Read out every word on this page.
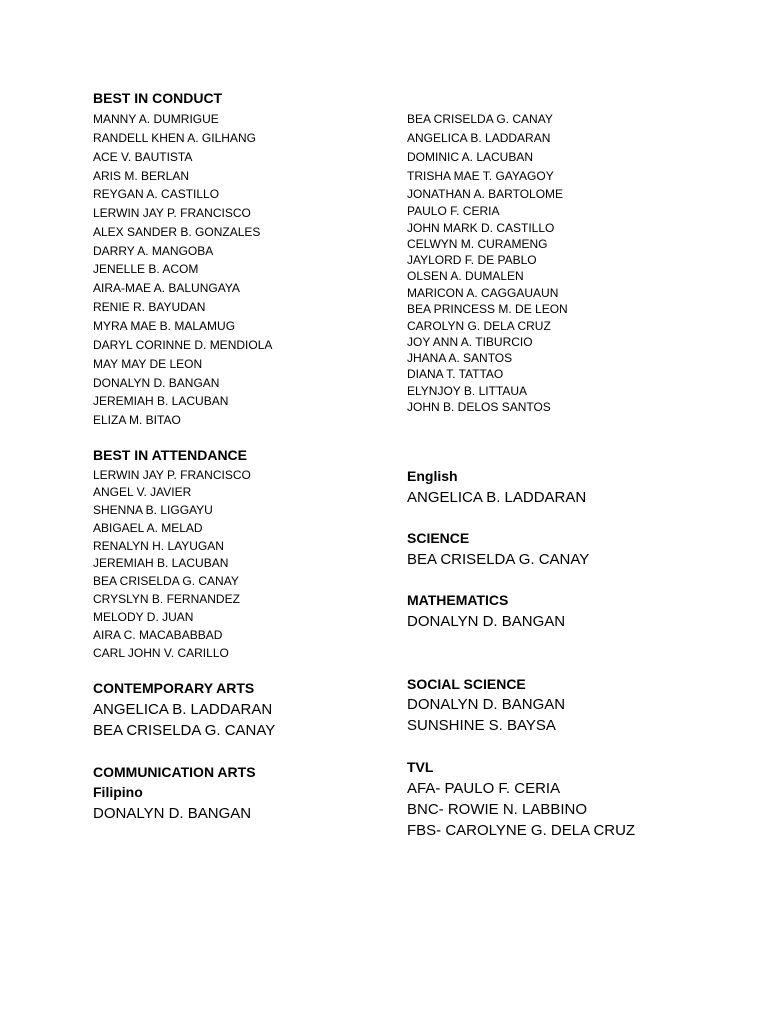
BEST IN CONDUCT
MANNY A. DUMRIGUE
RANDELL KHEN A. GILHANG
ACE V. BAUTISTA
ARIS M. BERLAN
REYGAN A. CASTILLO
LERWIN JAY P. FRANCISCO
ALEX SANDER B. GONZALES
DARRY A. MANGOBA
JENELLE B. ACOM
AIRA-MAE A. BALUNGAYA
RENIE R. BAYUDAN
MYRA MAE B. MALAMUG
DARYL CORINNE D. MENDIOLA
MAY MAY DE LEON
DONALYN D. BANGAN
JEREMIAH B. LACUBAN
ELIZA M. BITAO
BEST IN ATTENDANCE
LERWIN JAY P. FRANCISCO
ANGEL V. JAVIER
SHENNA B. LIGGAYU
ABIGAEL A. MELAD
RENALYN H. LAYUGAN
JEREMIAH B. LACUBAN
BEA CRISELDA G. CANAY
CRYSLYN B. FERNANDEZ
MELODY D. JUAN
AIRA C. MACABABBAD
CARL JOHN V. CARILLO
CONTEMPORARY ARTS
ANGELICA B. LADDARAN
BEA CRISELDA G. CANAY
COMMUNICATION ARTS
Filipino
DONALYN D. BANGAN
BEA CRISELDA G. CANAY
ANGELICA B. LADDARAN
DOMINIC A. LACUBAN
TRISHA MAE T. GAYAGOY
JONATHAN A. BARTOLOME
PAULO F. CERIA
JOHN MARK D. CASTILLO
CELWYN M. CURAMENG
JAYLORD F. DE PABLO
OLSEN A. DUMALEN
MARICON A. CAGGAUAUN
BEA PRINCESS M. DE LEON
CAROLYN G. DELA CRUZ
JOY ANN A. TIBURCIO
JHANA A. SANTOS
DIANA T. TATTAO
ELYNJOY B. LITTAUA
JOHN B. DELOS SANTOS
English
ANGELICA B. LADDARAN
SCIENCE
BEA CRISELDA G. CANAY
MATHEMATICS
DONALYN D. BANGAN
SOCIAL SCIENCE
DONALYN D. BANGAN
SUNSHINE S. BAYSA
TVL
AFA- PAULO F. CERIA
BNC- ROWIE N. LABBINO
FBS- CAROLYNE G. DELA CRUZ
